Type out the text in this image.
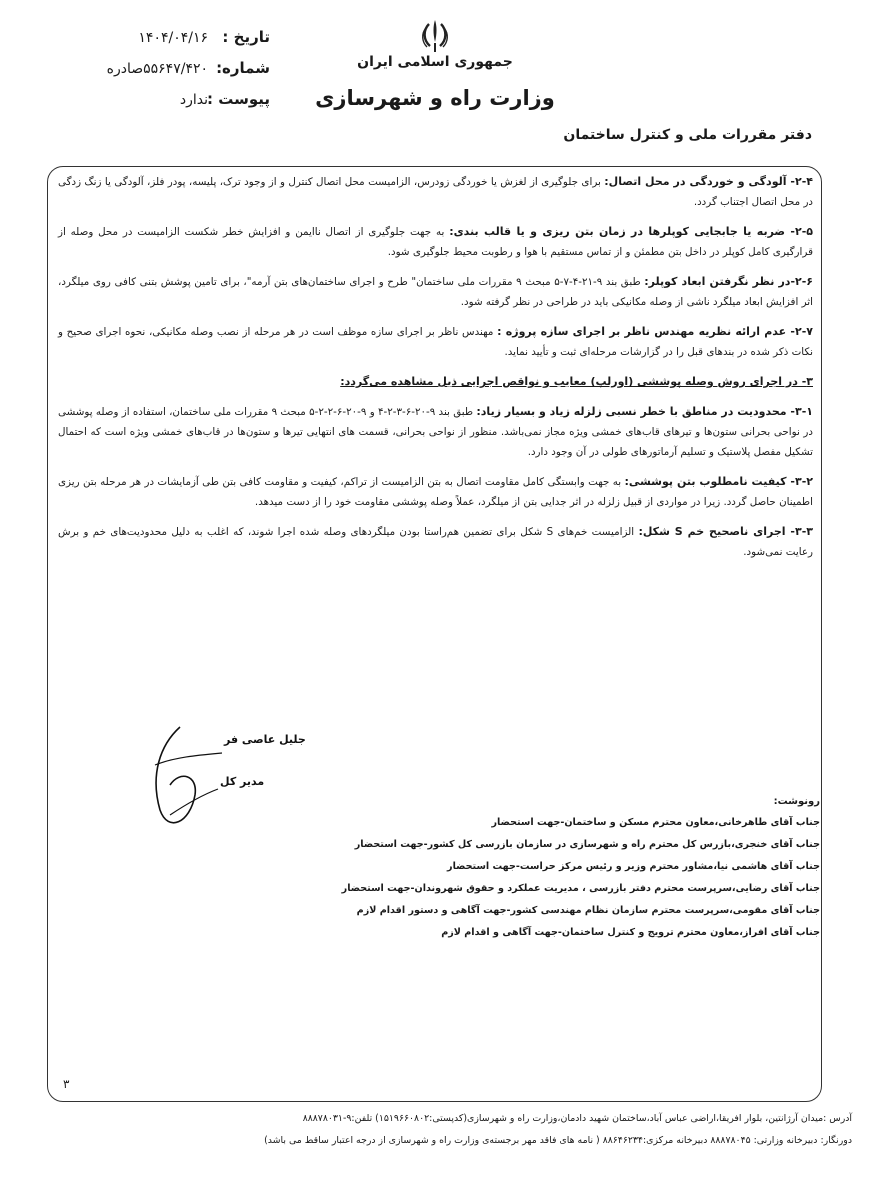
تاریخ :
۱۴۰۴/۰۴/۱۶
شماره:
۵۵۶۴۷/۴۲۰صادره
پیوست :
ندارد
جمهوری اسلامی ایران
وزارت راه و شهرسازی
دفتر مقررات ملی و کنترل ساختمان

۲-۴- آلودگی و خوردگی در محل اتصال: برای جلوگیری از لغزش یا خوردگی زودرس، الزامیست محل اتصال کنترل و از وجود ترک، پلیسه، پودر فلز، آلودگی یا زنگ زدگی در محل اتصال اجتناب گردد.

۲-۵- ضربه یا جابجایی کوپلرها در زمان بتن ریزی و یا قالب بندی: به جهت جلوگیری از اتصال ناایمن و افزایش خطر شکست الزامیست در محل وصله از قرارگیری کامل کوپلر در داخل بتن مطمئن و از تماس مستقیم با هوا و رطوبت محیط جلوگیری شود.

۲-۶-در نظر نگرفتن ابعاد کوپلر: طبق بند ۹-۲۱-۴-۷-۵ مبحث ۹ مقررات ملی ساختمان" طرح و اجرای ساختمان‌های بتن آرمه"، برای تامین پوشش بتنی کافی روی میلگرد، اثر افزایش ابعاد میلگرد ناشی از وصله مکانیکی باید در طراحی در نظر گرفته شود.

۲-۷- عدم ارائه نظریه مهندس ناظر بر اجرای سازه پروژه : مهندس ناظر بر اجرای سازه موظف است در هر مرحله از نصب وصله مکانیکی، نحوه اجرای صحیح و نکات ذکر شده در بندهای قبل را در گزارشات مرحله‌ای ثبت و تأیید نماید.

۳- در اجرای روش وصله پوششی (اورلپ) معایب و نواقص اجرایی ذیل مشاهده می‌گردد:

۳-۱- محدودیت در مناطق با خطر نسبی زلزله زیاد و بسیار زیاد: طبق بند ۹-۲۰-۶-۳-۲-۴ و ۹-۲۰-۶-۲-۲-۵ مبحث ۹ مقررات ملی ساختمان، استفاده از وصله پوششی در نواحی بحرانی ستون‌ها و تیرهای قاب‌های خمشی ویژه مجاز نمی‌باشد. منظور از نواحی بحرانی، قسمت های انتهایی تیرها و ستون‌ها در قاب‌های خمشی ویژه است که احتمال تشکیل مفصل پلاستیک و تسلیم آرماتورهای طولی در آن وجود دارد.

۳-۲- کیفیت نامطلوب بتن پوششی: به جهت وابستگی کامل مقاومت اتصال به بتن الزامیست از تراکم، کیفیت و مقاومت کافی بتن طی آزمایشات در هر مرحله بتن ریزی اطمینان حاصل گردد. زیرا در مواردی از قبیل زلزله در اثر جدایی بتن از میلگرد، عملاً وصله پوششی مقاومت خود را از دست میدهد.

۳-۳- اجرای ناصحیح خم S شکل: الزامیست خم‌های S شکل برای تضمین هم‌راستا بودن میلگردهای وصله شده اجرا شوند، که اغلب به دلیل محدودیت‌های خم و برش رعایت نمی‌شود.

جلیل عاصی فر
مدیر کل
رونوشت:
جناب آقای طاهرخانی،معاون محترم مسکن و ساختمان-جهت استحضار
جناب آقای خنجری،بازرس کل محترم راه و شهرسازی در سازمان بازرسی کل کشور-جهت استحضار
جناب آقای هاشمی نیا،مشاور محترم وزیر و رئیس مرکز حراست-جهت استحضار
جناب آقای رضایی،سرپرست محترم دفتر بازرسی ، مدیریت عملکرد و حقوق شهروندان-جهت استحضار
جناب آقای مقومی،سرپرست محترم سازمان نظام مهندسی کشور-جهت آگاهی و دستور اقدام لازم
جناب آقای افراز،معاون محترم ترویج و کنترل ساختمان-جهت آگاهی و اقدام لازم
۳
آدرس :میدان آرژانتین، بلوار افریقا،اراضی عباس آباد،ساختمان شهید دادمان،وزارت راه و شهرسازی(کدپستی:۱۵۱۹۶۶۰۸۰۲) تلفن:۹-۸۸۸۷۸۰۳۱
دورنگار: دبیرخانه وزارتی: ۸۸۸۷۸۰۴۵ دبیرخانه مرکزی:۸۸۶۴۶۲۳۴ ( نامه های فاقد مهر برجسته‌ی وزارت راه و شهرسازی از درجه اعتبار ساقط می باشد)
